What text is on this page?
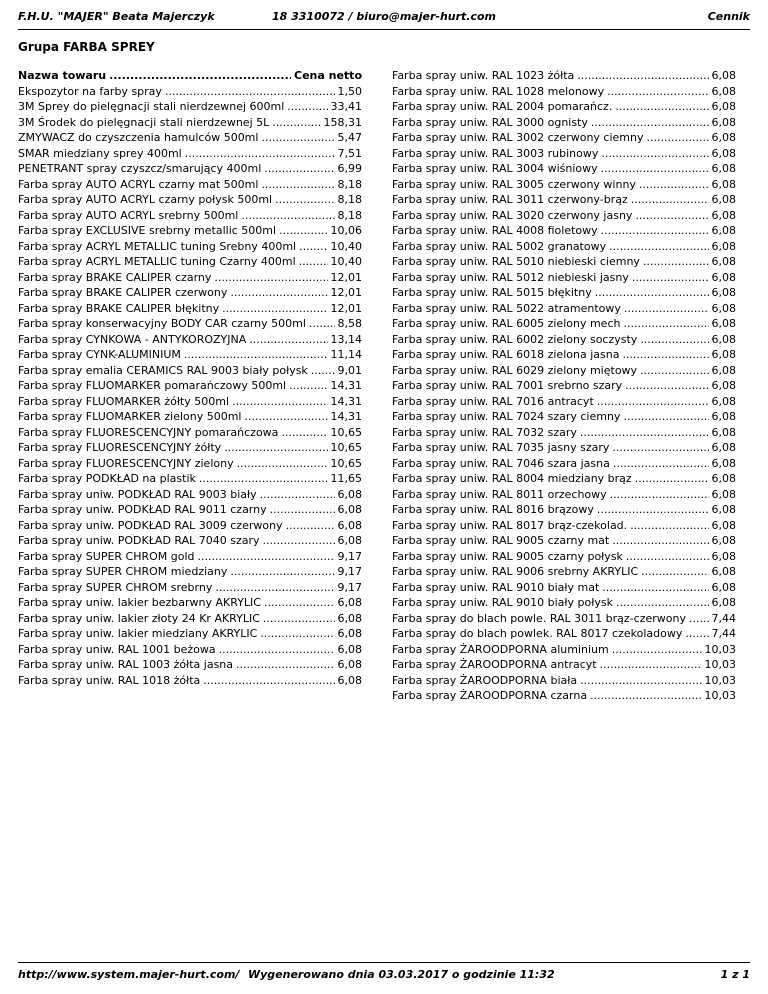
F.H.U. "MAJER" Beata Majerczyk	18 3310072 / biuro@majer-hurt.com	Cennik
Grupa FARBA SPREY
Nazwa towaru .....	Cena netto
Ekspozytor na farby spray .....	1,50
3M Sprey do pielęgnacji stali nierdzewnej 600ml .....	33,41
3M Środek do pielęgnacji stali nierdzewnej 5L .....	158,31
ZMYWACZ do czyszczenia hamulców 500ml .....	5,47
SMAR miedziany sprey 400ml .....	7,51
PENETRANT spray czyszcz/smarujący 400ml .....	6,99
Farba spray AUTO ACRYL czarny mat 500ml .....	8,18
Farba spray AUTO ACRYL czarny połysk 500ml .....	8,18
Farba spray AUTO ACRYL srebrny 500ml .....	8,18
Farba spray EXCLUSIVE srebrny metallic 500ml .....	10,06
Farba spray ACRYL METALLIC tuning Srebny 400ml .....	10,40
Farba spray ACRYL METALLIC tuning Czarny 400ml .....	10,40
Farba spray BRAKE CALIPER czarny .....	12,01
Farba spray BRAKE CALIPER czerwony .....	12,01
Farba spray BRAKE CALIPER błękitny .....	12,01
Farba spray konserwacyjny BODY CAR czarny 500ml .....	8,58
Farba spray CYNKOWA - ANTYKOROZYJNA .....	13,14
Farba spray CYNK-ALUMINIUM .....	11,14
Farba spray emalia CERAMICS RAL 9003 biały połysk .....	9,01
Farba spray FLUOMARKER pomarańczowy 500ml .....	14,31
Farba spray FLUOMARKER żółty 500ml .....	14,31
Farba spray FLUOMARKER zielony 500ml .....	14,31
Farba spray FLUORESCENCYJNY pomarańczowa .....	10,65
Farba spray FLUORESCENCYJNY żółty .....	10,65
Farba spray FLUORESCENCYJNY zielony .....	10,65
Farba spray PODKŁAD na plastik .....	11,65
Farba spray uniw. PODKŁAD RAL 9003 biały .....	6,08
Farba spray uniw. PODKŁAD RAL 9011 czarny .....	6,08
Farba spray uniw. PODKŁAD RAL 3009 czerwony .....	6,08
Farba spray uniw. PODKŁAD RAL 7040 szary .....	6,08
Farba spray SUPER CHROM gold .....	9,17
Farba spray SUPER CHROM miedziany .....	9,17
Farba spray SUPER CHROM srebrny .....	9,17
Farba spray uniw. lakier bezbarwny AKRYLIC .....	6,08
Farba spray uniw. lakier złoty 24 Kr AKRYLIC .....	6,08
Farba spray uniw. lakier miedziany AKRYLIC .....	6,08
Farba spray uniw. RAL 1001 beżowa .....	6,08
Farba spray uniw. RAL 1003 żółta jasna .....	6,08
Farba spray uniw. RAL 1018 żółta .....	6,08
Farba spray uniw. RAL 1023 żółta .....	6,08
Farba spray uniw. RAL 1028 melonowy .....	6,08
Farba spray uniw. RAL 2004 pomarańcz. .....	6,08
Farba spray uniw. RAL 3000 ognisty .....	6,08
Farba spray uniw. RAL 3002 czerwony ciemny .....	6,08
Farba spray uniw. RAL 3003 rubinowy .....	6,08
Farba spray uniw. RAL 3004 wiśniowy .....	6,08
Farba spray uniw. RAL 3005 czerwony winny .....	6,08
Farba spray uniw. RAL 3011 czerwony-brąz .....	6,08
Farba spray uniw. RAL 3020 czerwony jasny .....	6,08
Farba spray uniw. RAL 4008 fioletowy .....	6,08
Farba spray uniw. RAL 5002 granatowy .....	6,08
Farba spray uniw. RAL 5010 niebieski ciemny .....	6,08
Farba spray uniw. RAL 5012 niebieski jasny .....	6,08
Farba spray uniw. RAL 5015 błękitny .....	6,08
Farba spray uniw. RAL 5022 atramentowy .....	6,08
Farba spray uniw. RAL 6005 zielony mech .....	6,08
Farba spray uniw. RAL 6002 zielony soczysty .....	6,08
Farba spray uniw. RAL 6018 zielona jasna .....	6,08
Farba spray uniw. RAL 6029 zielony miętowy .....	6,08
Farba spray uniw. RAL 7001 srebrno szary .....	6,08
Farba spray uniw. RAL 7016 antracyt .....	6,08
Farba spray uniw. RAL 7024 szary ciemny .....	6,08
Farba spray uniw. RAL 7032 szary .....	6,08
Farba spray uniw. RAL 7035 jasny szary .....	6,08
Farba spray uniw. RAL 7046 szara jasna .....	6,08
Farba spray uniw. RAL 8004 miedziany brąz .....	6,08
Farba spray uniw. RAL 8011 orzechowy .....	6,08
Farba spray uniw. RAL 8016 brązowy .....	6,08
Farba spray uniw. RAL 8017 brąz-czekolad. .....	6,08
Farba spray uniw. RAL 9005 czarny mat .....	6,08
Farba spray uniw. RAL 9005 czarny połysk .....	6,08
Farba spray uniw. RAL 9006 srebrny AKRYLIC .....	6,08
Farba spray uniw. RAL 9010 biały mat .....	6,08
Farba spray uniw. RAL 9010 biały połysk .....	6,08
Farba spray do blach powle. RAL 3011 brąz-czerwony ..... 7,44
Farba spray do blach powlek. RAL 8017 czekoladowy .....	7,44
Farba spray ŻAROODPORNA aluminium .....	10,03
Farba spray ŻAROODPORNA antracyt .....	10,03
Farba spray ŻAROODPORNA biała .....	10,03
Farba spray ŻAROODPORNA czarna .....	10,03
http://www.system.majer-hurt.com/ Wygenerowano dnia 03.03.2017 o godzinie 11:32	1 z 1
